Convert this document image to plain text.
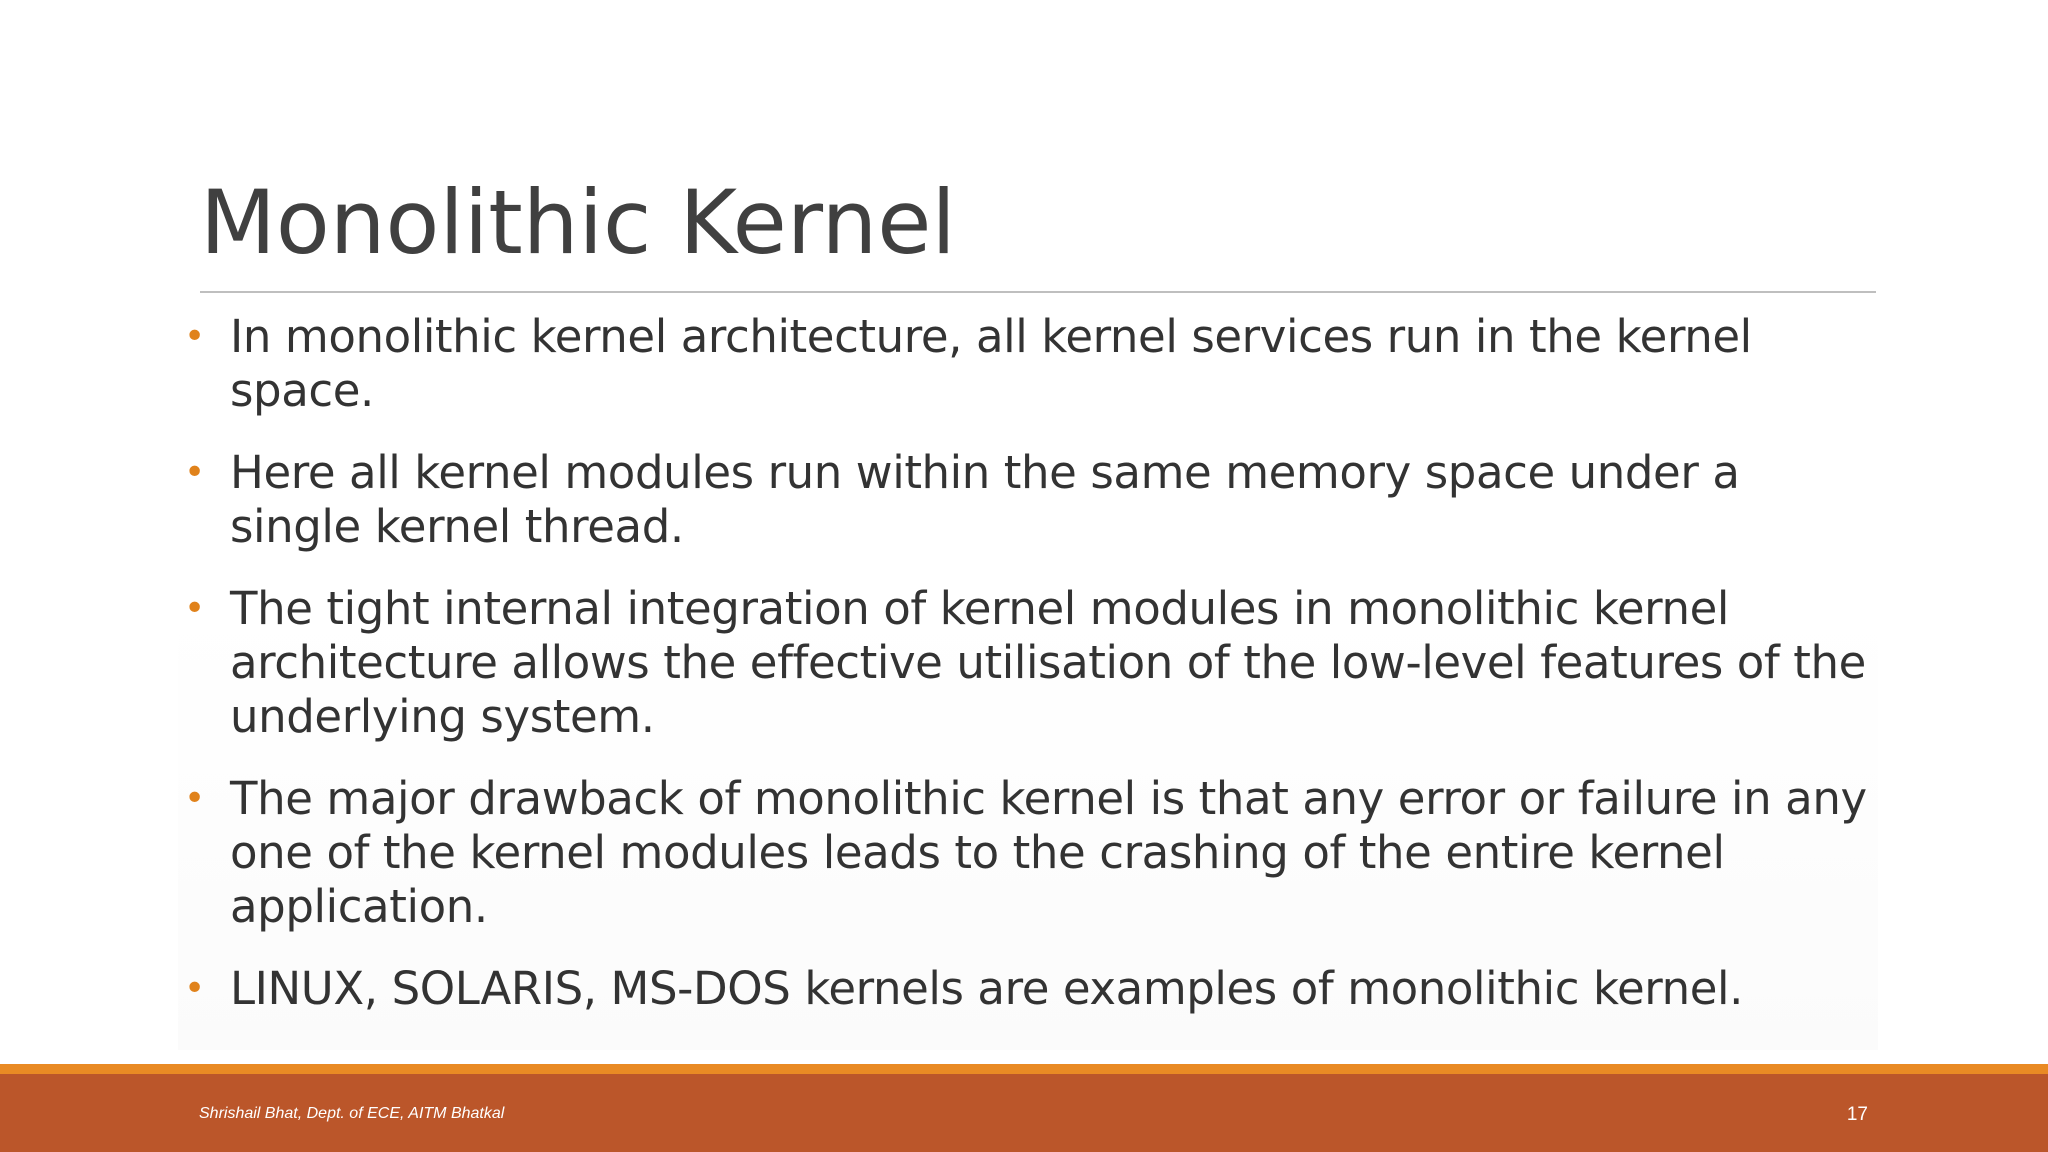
Monolithic Kernel
• In monolithic kernel architecture, all kernel services run in the kernel space.
• Here all kernel modules run within the same memory space under a single kernel thread.
• The tight internal integration of kernel modules in monolithic kernel architecture allows the effective utilisation of the low-level features of the underlying system.
• The major drawback of monolithic kernel is that any error or failure in any one of the kernel modules leads to the crashing of the entire kernel application.
• LINUX, SOLARIS, MS-DOS kernels are examples of monolithic kernel.
Shrishail Bhat, Dept. of ECE, AITM Bhatkal	17
